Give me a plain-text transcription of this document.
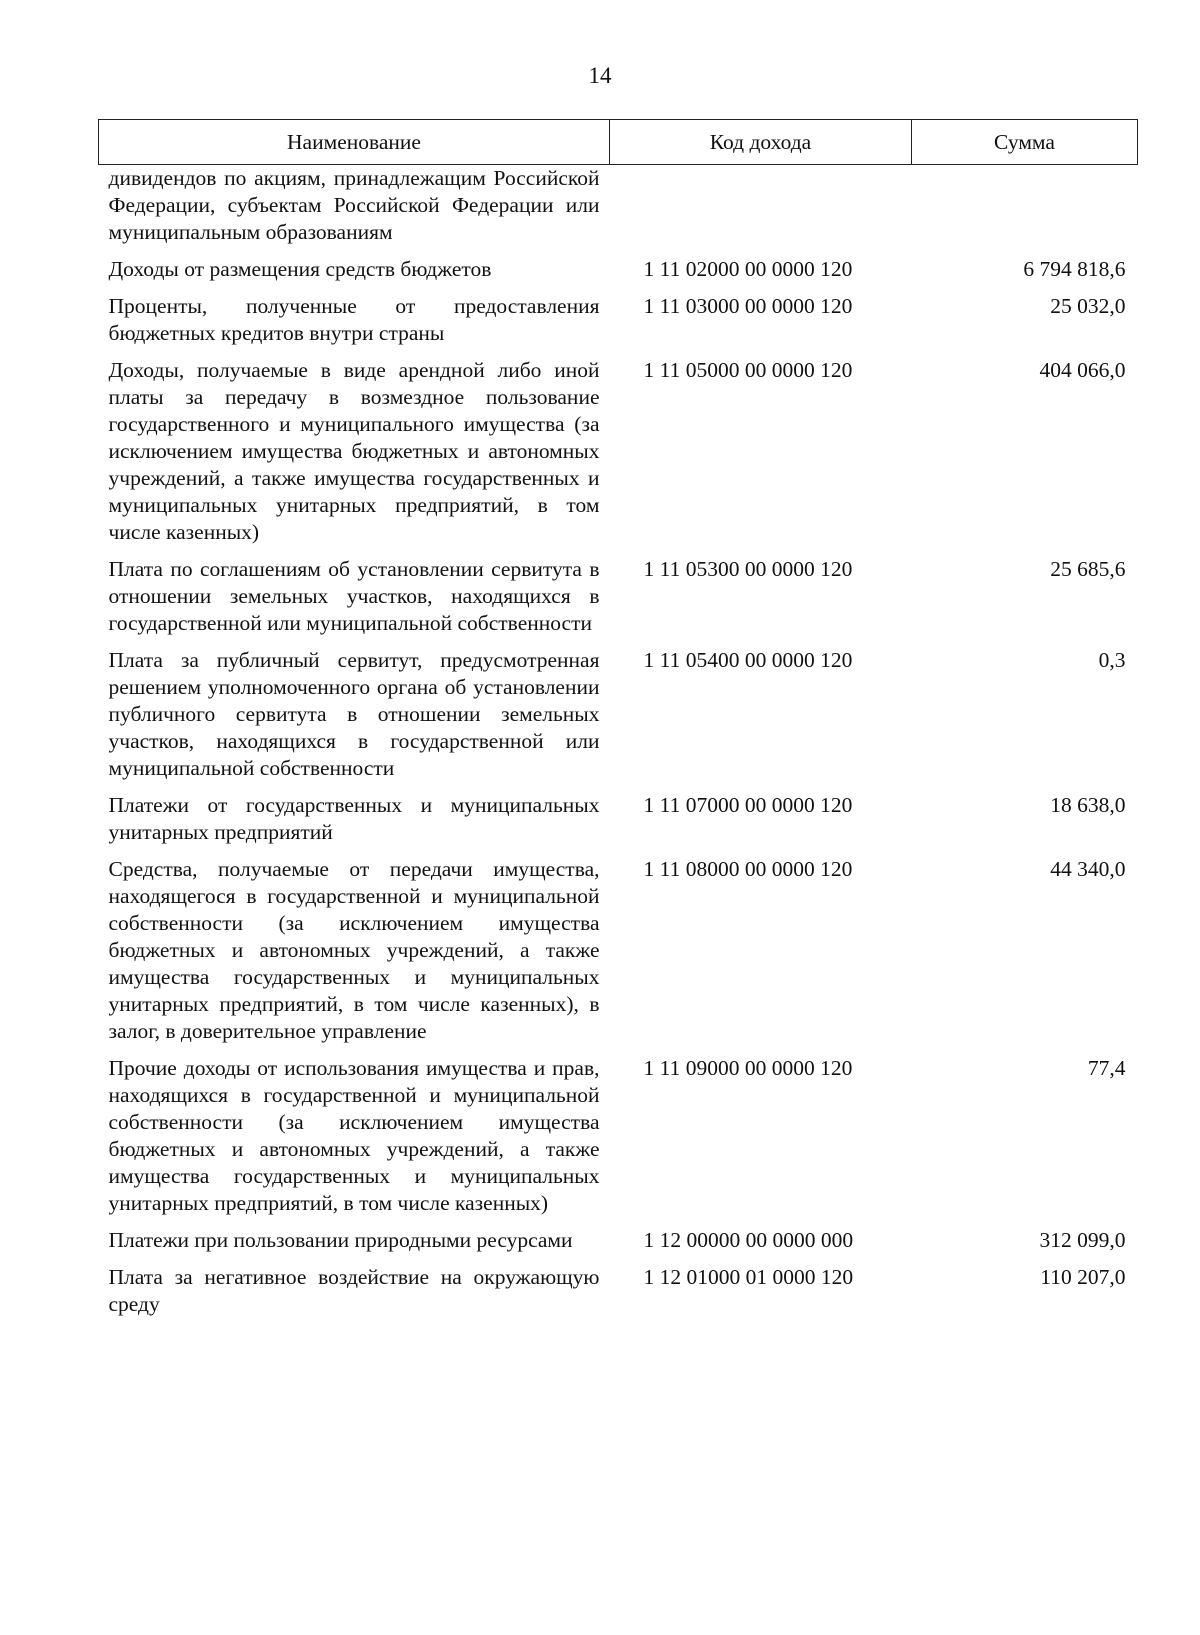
14
Наименование	Код дохода	Сумма
дивидендов по акциям, принадлежащим Российской Федерации, субъектам Российской Федерации или муниципальным образованиям		
Доходы от размещения средств бюджетов	1 11 02000 00 0000 120	6 794 818,6
Проценты, полученные от предоставления бюджетных кредитов внутри страны	1 11 03000 00 0000 120	25 032,0
Доходы, получаемые в виде арендной либо иной платы за передачу в возмездное пользование государственного и муниципального имущества (за исключением имущества бюджетных и автономных учреждений, а также имущества государственных и муниципальных унитарных предприятий, в том числе казенных)	1 11 05000 00 0000 120	404 066,0
Плата по соглашениям об установлении сервитута в отношении земельных участков, находящихся в государственной или муниципальной собственности	1 11 05300 00 0000 120	25 685,6
Плата за публичный сервитут, предусмотренная решением уполномоченного органа об установлении публичного сервитута в отношении земельных участков, находящихся в государственной или муниципальной собственности	1 11 05400 00 0000 120	0,3
Платежи от государственных и муниципальных унитарных предприятий	1 11 07000 00 0000 120	18 638,0
Средства, получаемые от передачи имущества, находящегося в государственной и муниципальной собственности (за исключением имущества бюджетных и автономных учреждений, а также имущества государственных и муниципальных унитарных предприятий, в том числе казенных), в залог, в доверительное управление	1 11 08000 00 0000 120	44 340,0
Прочие доходы от использования имущества и прав, находящихся в государственной и муниципальной собственности (за исключением имущества бюджетных и автономных учреждений, а также имущества государственных и муниципальных унитарных предприятий, в том числе казенных)	1 11 09000 00 0000 120	77,4
Платежи при пользовании природными ресурсами	1 12 00000 00 0000 000	312 099,0
Плата за негативное воздействие на окружающую среду	1 12 01000 01 0000 120	110 207,0
